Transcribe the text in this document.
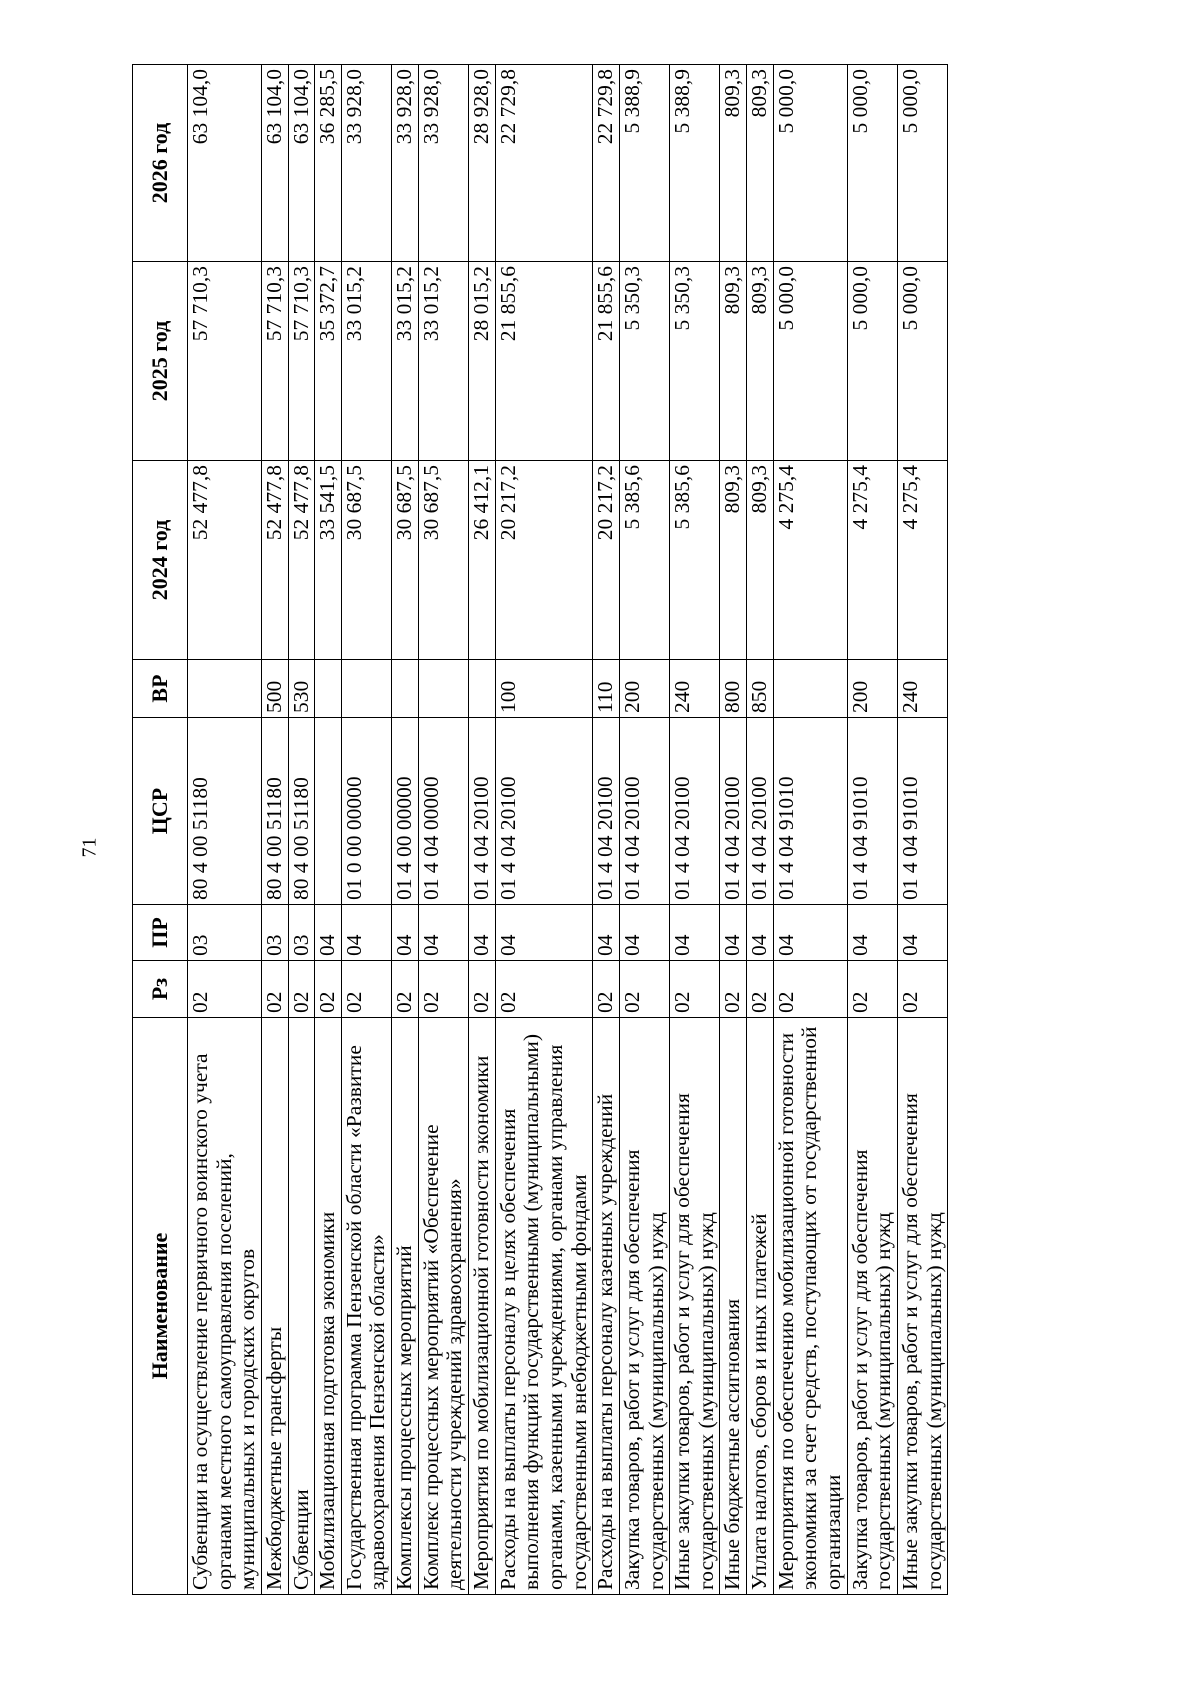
71
Наименование	Рз	ПР	ЦСР	ВР	2024 год	2025 год	2026 год
Субвенции на осуществление первичного воинского учета органами местного самоуправления поселений, муниципальных и городских округов	02	03	80 4 00 51180		52 477,8	57 710,3	63 104,0
Межбюджетные трансферты	02	03	80 4 00 51180	500	52 477,8	57 710,3	63 104,0
Субвенции	02	03	80 4 00 51180	530	52 477,8	57 710,3	63 104,0
Мобилизационная подготовка экономики	02	04			33 541,5	35 372,7	36 285,5
Государственная программа Пензенской области «Развитие здравоохранения Пензенской области»	02	04	01 0 00 00000		30 687,5	33 015,2	33 928,0
Комплексы процессных мероприятий	02	04	01 4 00 00000		30 687,5	33 015,2	33 928,0
Комплекс процессных мероприятий «Обеспечение деятельности учреждений здравоохранения»	02	04	01 4 04 00000		30 687,5	33 015,2	33 928,0
Мероприятия по мобилизационной готовности экономики	02	04	01 4 04 20100		26 412,1	28 015,2	28 928,0
Расходы на выплаты персоналу в целях обеспечения выполнения функций государственными (муниципальными) органами, казенными учреждениями, органами управления государственными внебюджетными фондами	02	04	01 4 04 20100	100	20 217,2	21 855,6	22 729,8
Расходы на выплаты персоналу казенных учреждений	02	04	01 4 04 20100	110	20 217,2	21 855,6	22 729,8
Закупка товаров, работ и услуг для обеспечения государственных (муниципальных) нужд	02	04	01 4 04 20100	200	5 385,6	5 350,3	5 388,9
Иные закупки товаров, работ и услуг для обеспечения государственных (муниципальных) нужд	02	04	01 4 04 20100	240	5 385,6	5 350,3	5 388,9
Иные бюджетные ассигнования	02	04	01 4 04 20100	800	809,3	809,3	809,3
Уплата налогов, сборов и иных платежей	02	04	01 4 04 20100	850	809,3	809,3	809,3
Мероприятия по обеспечению мобилизационной готовности экономики за счет средств, поступающих от государственной организации	02	04	01 4 04 91010		4 275,4	5 000,0	5 000,0
Закупка товаров, работ и услуг для обеспечения государственных (муниципальных) нужд	02	04	01 4 04 91010	200	4 275,4	5 000,0	5 000,0
Иные закупки товаров, работ и услуг для обеспечения государственных (муниципальных) нужд	02	04	01 4 04 91010	240	4 275,4	5 000,0	5 000,0
